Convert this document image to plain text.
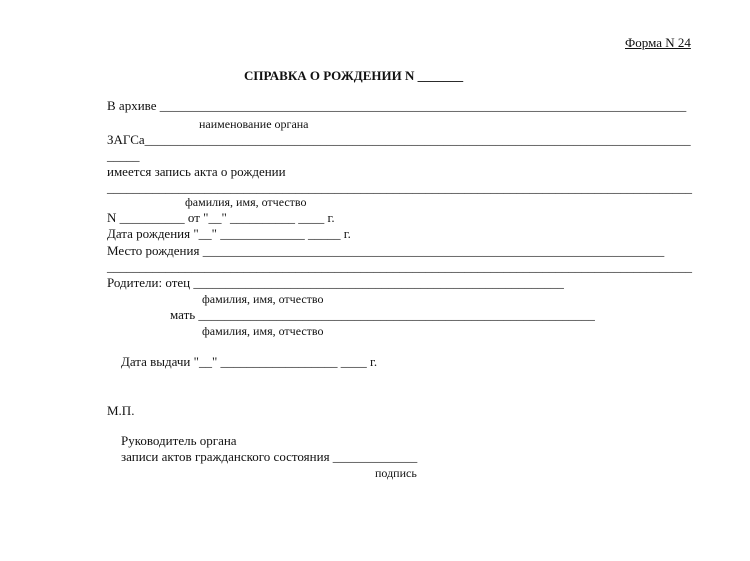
Форма N 24
СПРАВКА О РОЖДЕНИИ N _______
В архиве _________________________________________________________________________________
наименование органа
ЗАГСа____________________________________________________________________________________
_____
имеется запись акта о рождении
__________________________________________________________________________________________
фамилия, имя, отчество
N __________ от "__" __________ ____ г.
Дата рождения "__" _____________ _____ г.
Место рождения _______________________________________________________________________
__________________________________________________________________________________________
Родители: отец _________________________________________________________
фамилия, имя, отчество
мать _____________________________________________________________
фамилия, имя, отчество
Дата выдачи "__" __________________ ____ г.
М.П.
Руководитель органа
записи актов гражданского состояния _____________
подпись
